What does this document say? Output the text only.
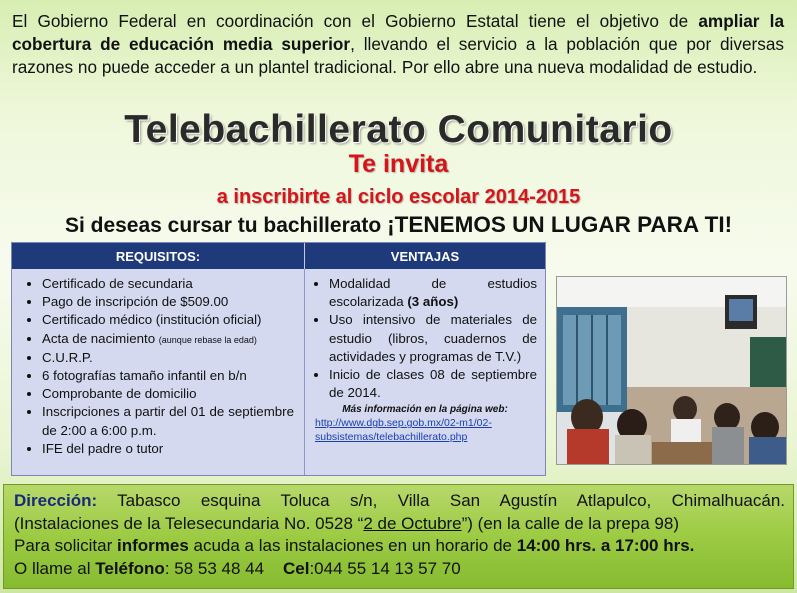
El Gobierno Federal en coordinación con el Gobierno Estatal tiene el objetivo de ampliar la cobertura de educación media superior, llevando el servicio a la población que por diversas razones no puede acceder a un plantel tradicional. Por ello abre una nueva modalidad de estudio.
Telebachillerato Comunitario
Te invita
a inscribirte al ciclo escolar 2014-2015
Si deseas cursar tu bachillerato ¡TENEMOS UN LUGAR PARA TI!
REQUISITOS:	VENTAJAS
• Certificado de secundaria
• Pago de inscripción de $509.00
• Certificado médico (institución oficial)
• Acta de nacimiento (aunque rebase la edad)
• C.U.R.P.
• 6 fotografías tamaño infantil en b/n
• Comprobante de domicilio
• Inscripciones a partir del 01 de septiembre de 2:00 a 6:00 p.m.
• IFE del padre o tutor
• Modalidad de estudios escolarizada (3 años)
• Uso intensivo de materiales de estudio (libros, cuadernos de actividades y programas de T.V.)
• Inicio de clases 08 de septiembre de 2014.
Más información en la página web:
http://www.dgb.sep.gob.mx/02-m1/02-subsistemas/telebachillerato.php
Dirección: Tabasco esquina Toluca s/n, Villa San Agustín Atlapulco, Chimalhuacán.
(Instalaciones de la Telesecundaria No. 0528 “2 de Octubre”) (en la calle de la prepa 98)
Para solicitar informes acuda a las instalaciones en un horario de 14:00 hrs. a 17:00 hrs.
O llame al Teléfono: 58 53 48 44    Cel:044 55 14 13 57 70
